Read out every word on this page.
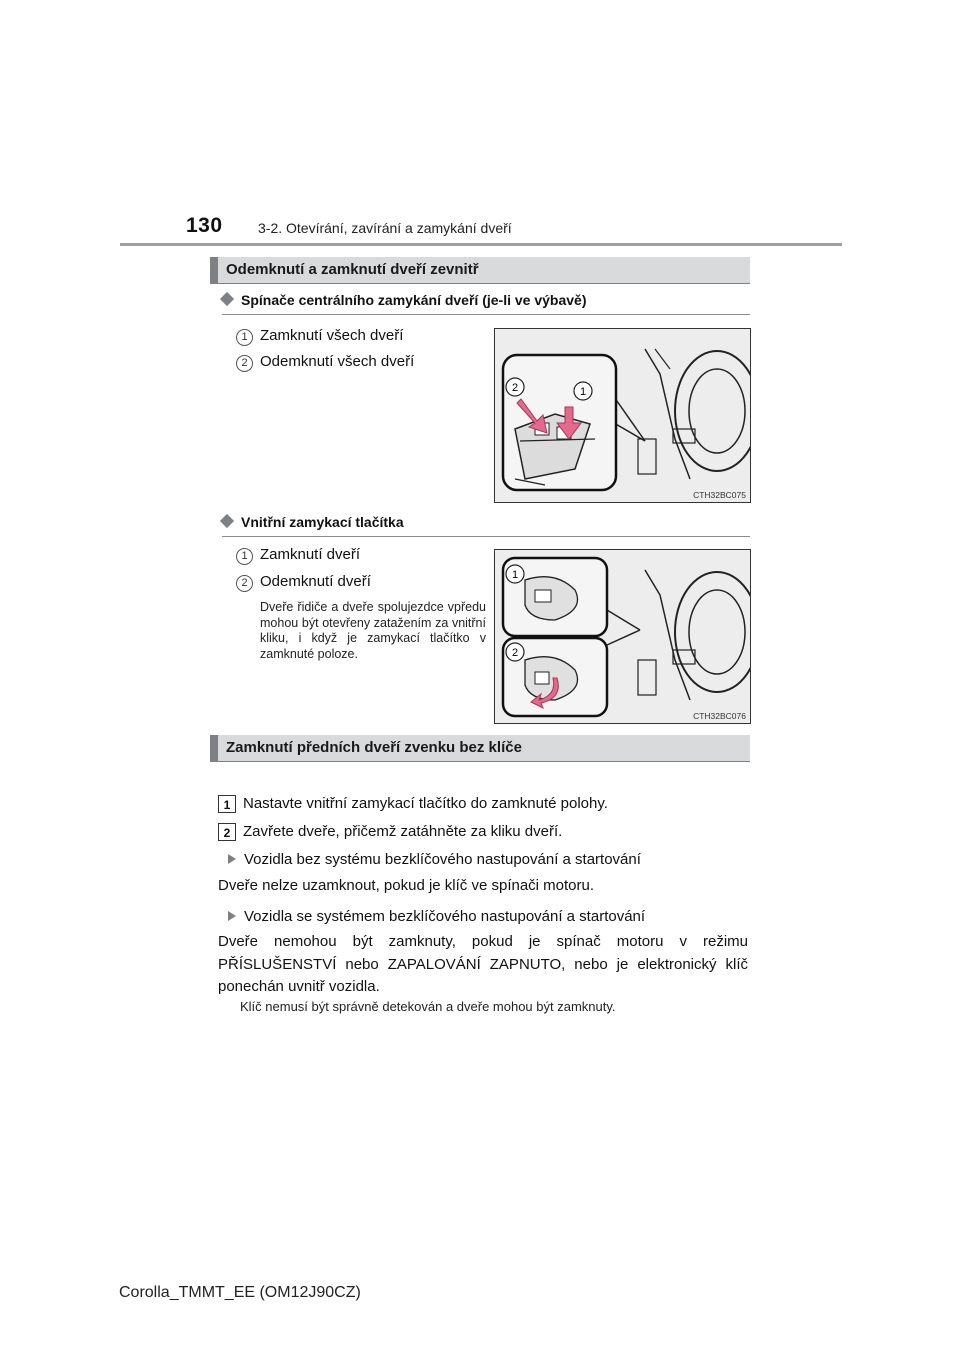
130	3-2. Otevírání, zavírání a zamykání dveří
Odemknutí a zamknutí dveří zevnitř
Spínače centrálního zamykání dveří (je-li ve výbavě)
1 Zamknutí všech dveří
2 Odemknutí všech dveří
2	1
CTH32BC075
Vnitřní zamykací tlačítka
1 Zamknutí dveří
2 Odemknutí dveří
Dveře řidiče a dveře spolujezdce vpředu mohou být otevřeny zatažením za vnitřní kliku, i když je zamykací tlačítko v zamknuté poloze.
1
2
CTH32BC076
Zamknutí předních dveří zvenku bez klíče
1 Nastavte vnitřní zamykací tlačítko do zamknuté polohy.
2 Zavřete dveře, přičemž zatáhněte za kliku dveří.
Vozidla bez systému bezklíčového nastupování a startování
Dveře nelze uzamknout, pokud je klíč ve spínači motoru.
Vozidla se systémem bezklíčového nastupování a startování
Dveře nemohou být zamknuty, pokud je spínač motoru v režimu PŘÍSLUŠENSTVÍ nebo ZAPALOVÁNÍ ZAPNUTO, nebo je elektronický klíč ponechán uvnitř vozidla.
Klíč nemusí být správně detekován a dveře mohou být zamknuty.
Corolla_TMMT_EE (OM12J90CZ)
